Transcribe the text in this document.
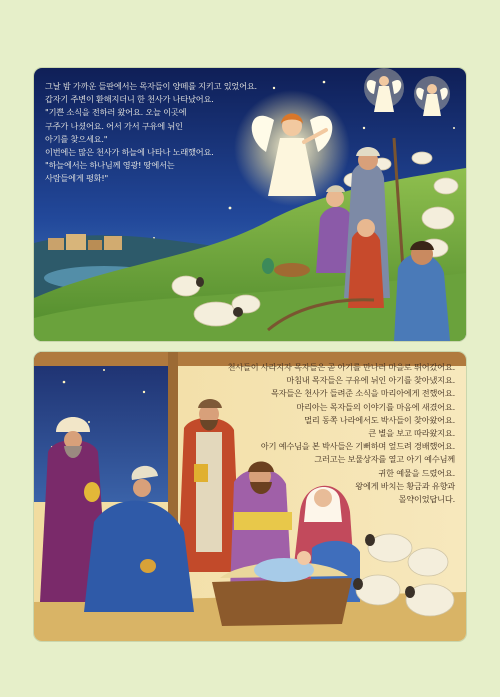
그날 밤 가까운 들판에서는 목자들이 양떼를 지키고 있었어요.
갑자기 주변이 환해지더니 한 천사가 나타났어요.
"기쁜 소식을 전하러 왔어요. 오늘 이곳에
구주가 나셨어요. 어서 가서 구유에 뉘인
아기를 찾으세요."
이번에는 많은 천사가 하늘에 나타나 노래했어요.
"하늘에서는 하나님께 영광! 땅에서는
사람들에게 평화!"

천사들이 사라지자 목자들은 곧 아기를 만나러 마을로 뛰어갔어요.
마침내 목자들은 구유에 뉘인 아기를 찾아냈지요.
목자들은 천사가 들려준 소식을 마리아에게 전했어요.
마리아는 목자들의 이야기를 마음에 새겼어요.
멀리 동쪽 나라에서도 박사들이 찾아왔어요.
큰 별을 보고 따라왔지요.
아기 예수님을 본 박사들은 기뻐하며 엎드려 경배했어요.
그러고는 보물상자를 열고 아기 예수님께
귀한 예물을 드렸어요.
왕에게 바치는 황금과 유향과
몰약이었답니다.
